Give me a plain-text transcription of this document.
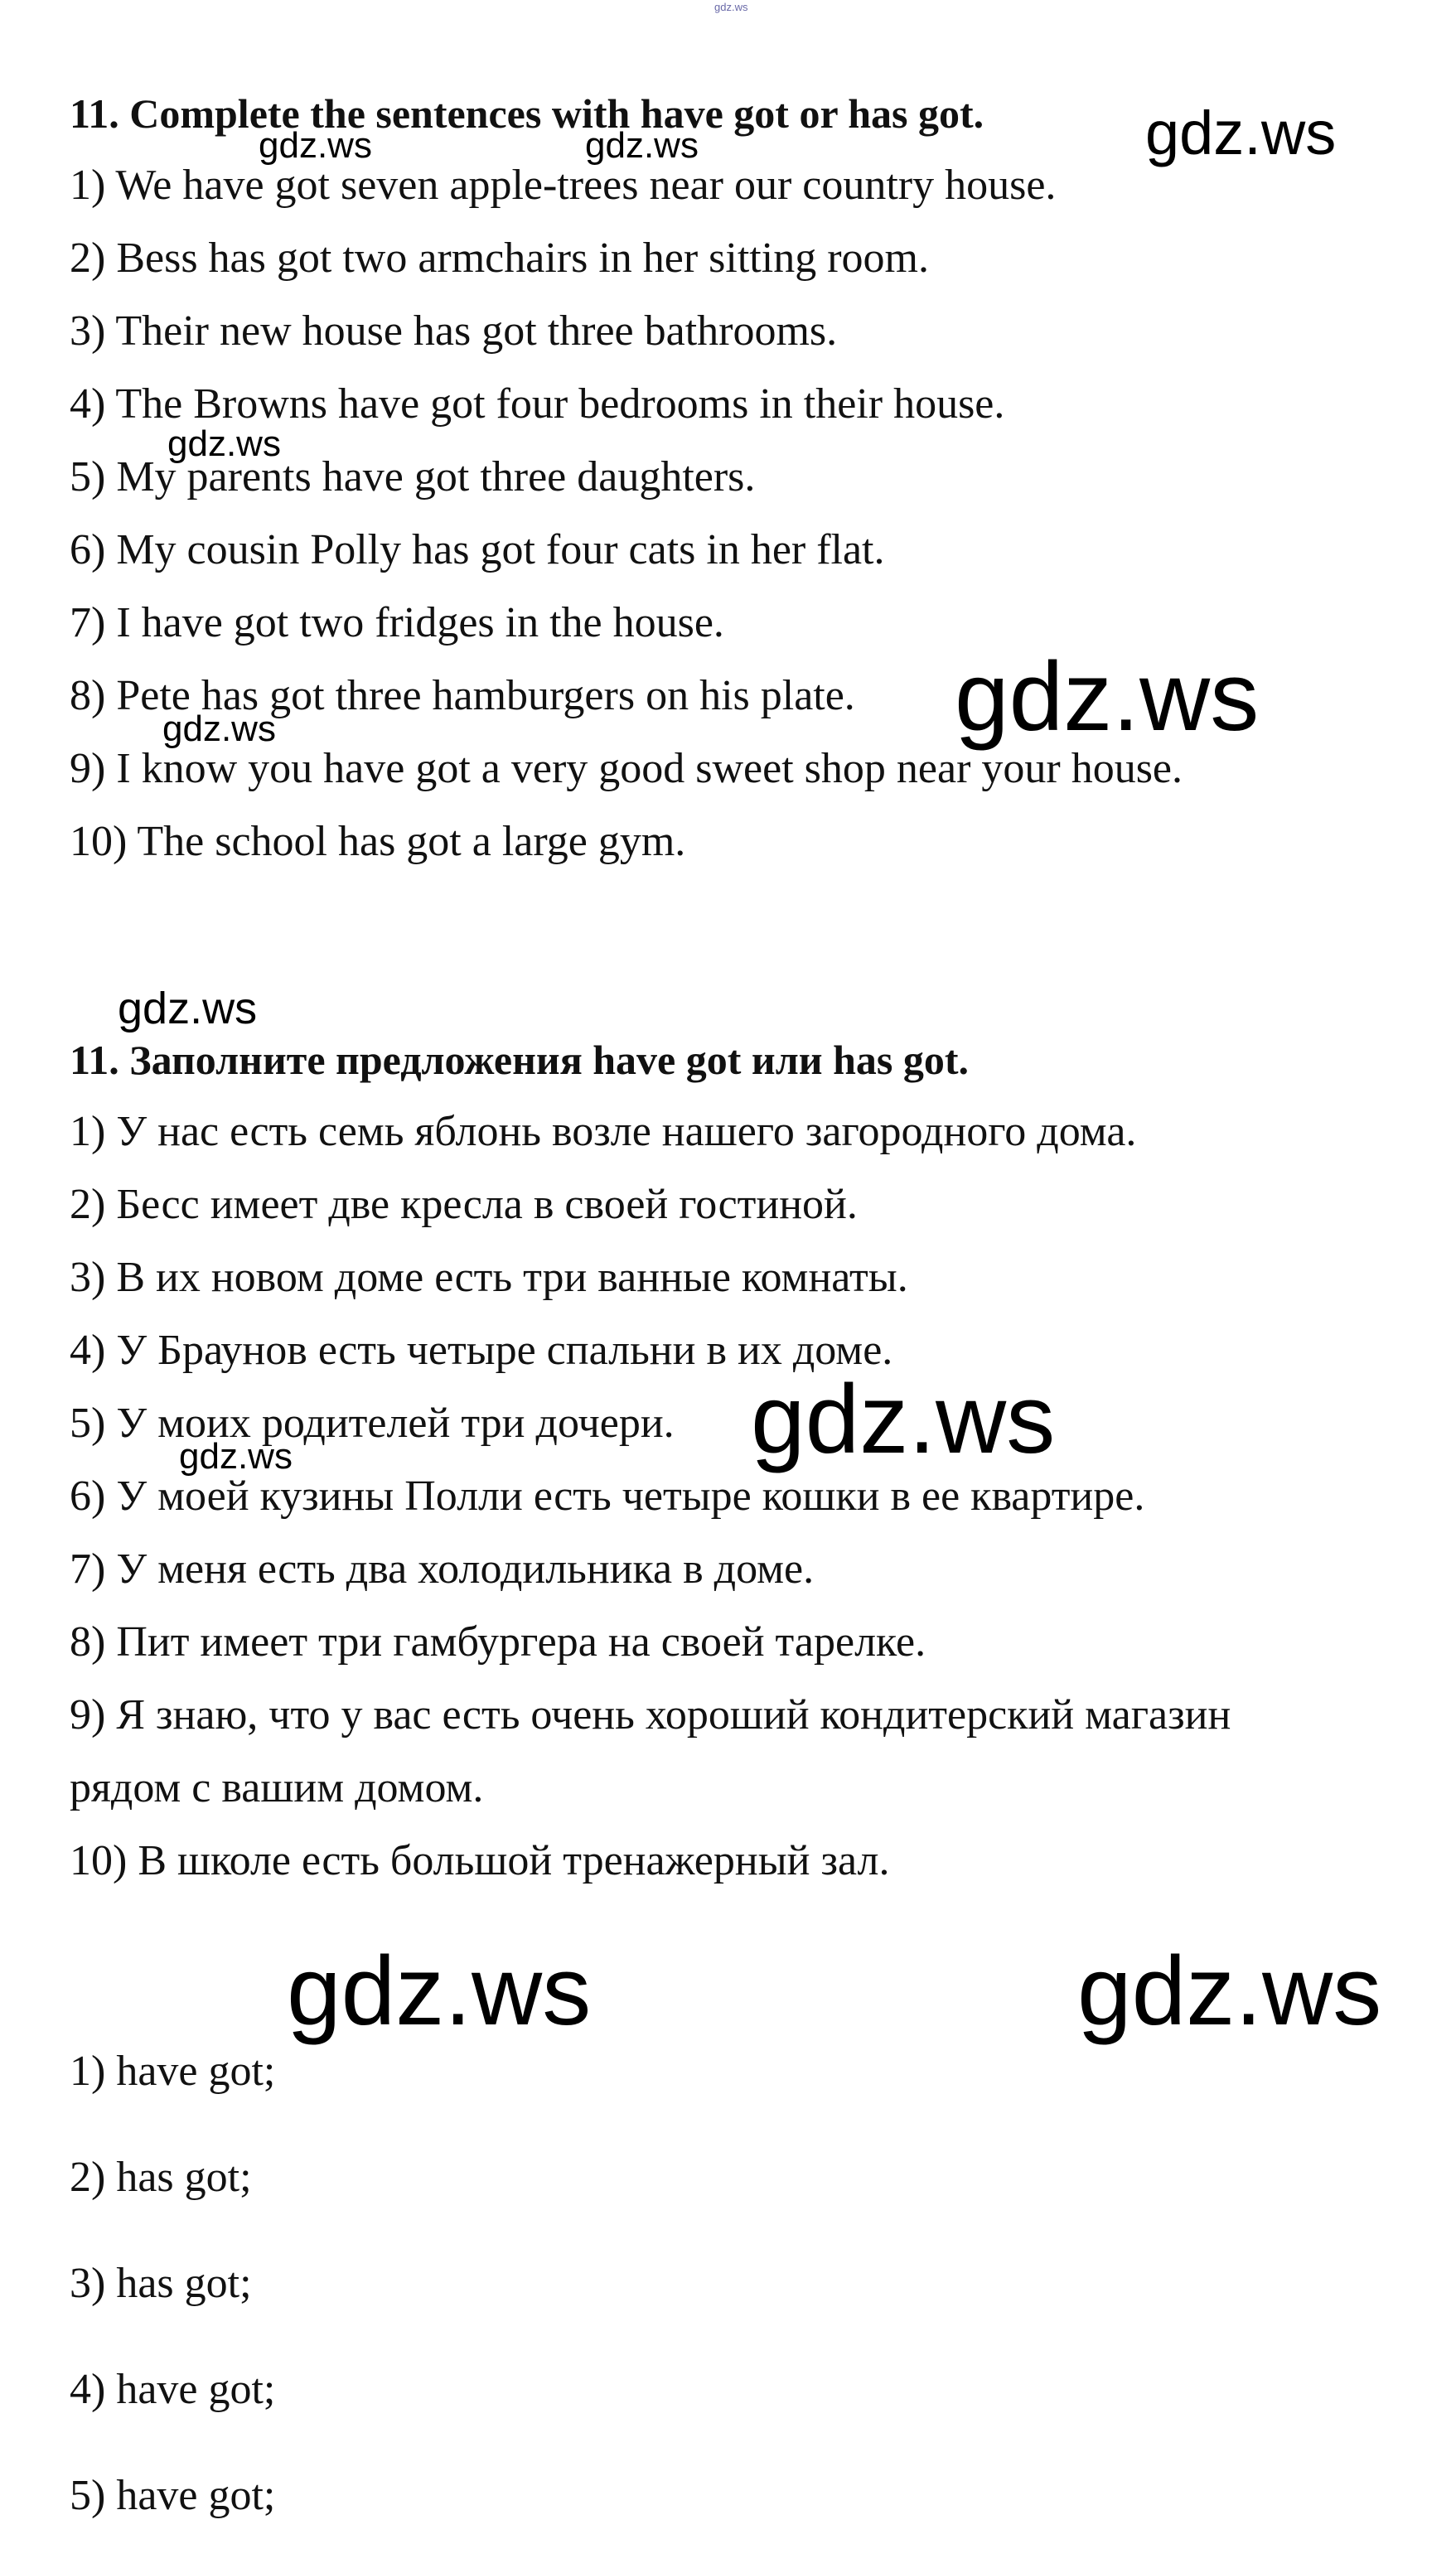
gdz.ws
11. Complete the sentences with have got or has got.
1) We have got seven apple-trees near our country house.
2) Bess has got two armchairs in her sitting room.
3) Their new house has got three bathrooms.
4) The Browns have got four bedrooms in their house.
5) My parents have got three daughters.
6) My cousin Polly has got four cats in her flat.
7) I have got two fridges in the house.
8) Pete has got three hamburgers on his plate.
9) I know you have got a very good sweet shop near your house.
10) The school has got a large gym.
11. Заполните предложения have got или has got.
1) У нас есть семь яблонь возле нашего загородного дома.
2) Бесс имеет две кресла в своей гостиной.
3) В их новом доме есть три ванные комнаты.
4) У Браунов есть четыре спальни в их доме.
5) У моих родителей три дочери.
6) У моей кузины Полли есть четыре кошки в ее квартире.
7) У меня есть два холодильника в доме.
8) Пит имеет три гамбургера на своей тарелке.
9) Я знаю, что у вас есть очень хороший кондитерский магазин
рядом с вашим домом.
10) В школе есть большой тренажерный зал.
1) have got;
2) has got;
3) has got;
4) have got;
5) have got;
gdz.ws	gdz.ws	gdz.ws
gdz.ws
gdz.ws
gdz.ws
gdz.ws
gdz.ws
gdz.ws
gdz.ws	gdz.ws
